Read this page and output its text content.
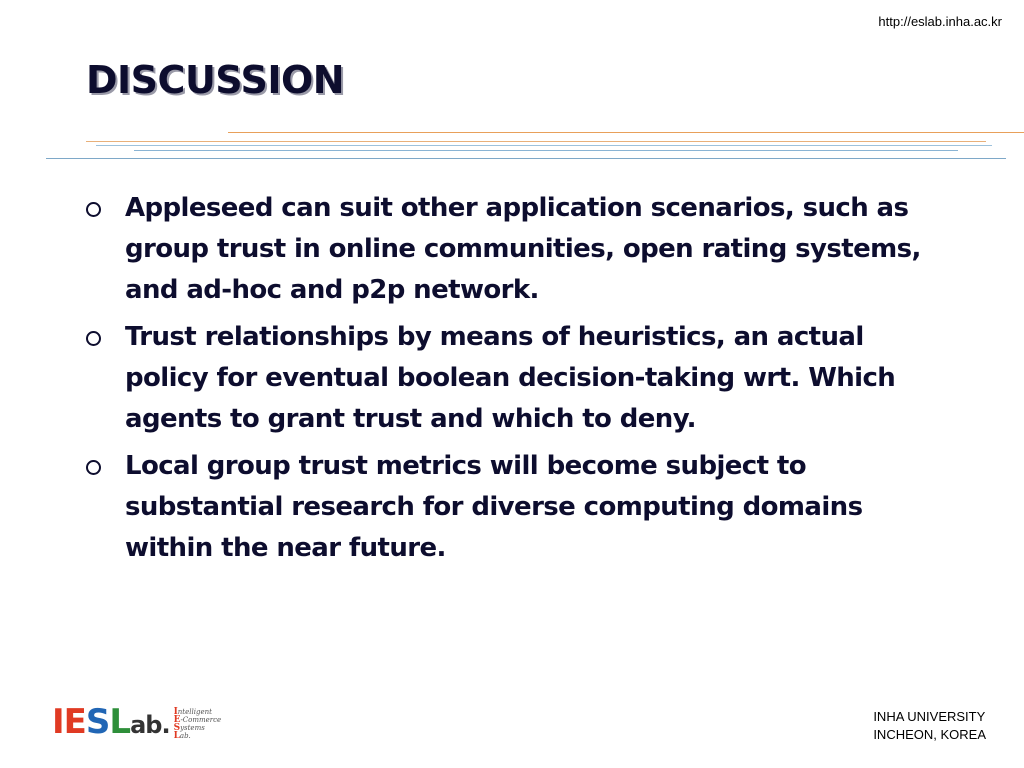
http://eslab.inha.ac.kr
DISCUSSION
Appleseed can suit other application scenarios, such as group trust in online communities, open rating systems, and ad-hoc and p2p network.
Trust relationships by means of heuristics, an actual policy for eventual boolean decision-taking wrt. Which agents to grant trust and which to deny.
Local group trust metrics will become subject to substantial research for diverse computing domains within the near future.
IESLab. Intelligent
E-Commerce
Systems
Lab.
INHA UNIVERSITY
INCHEON, KOREA
